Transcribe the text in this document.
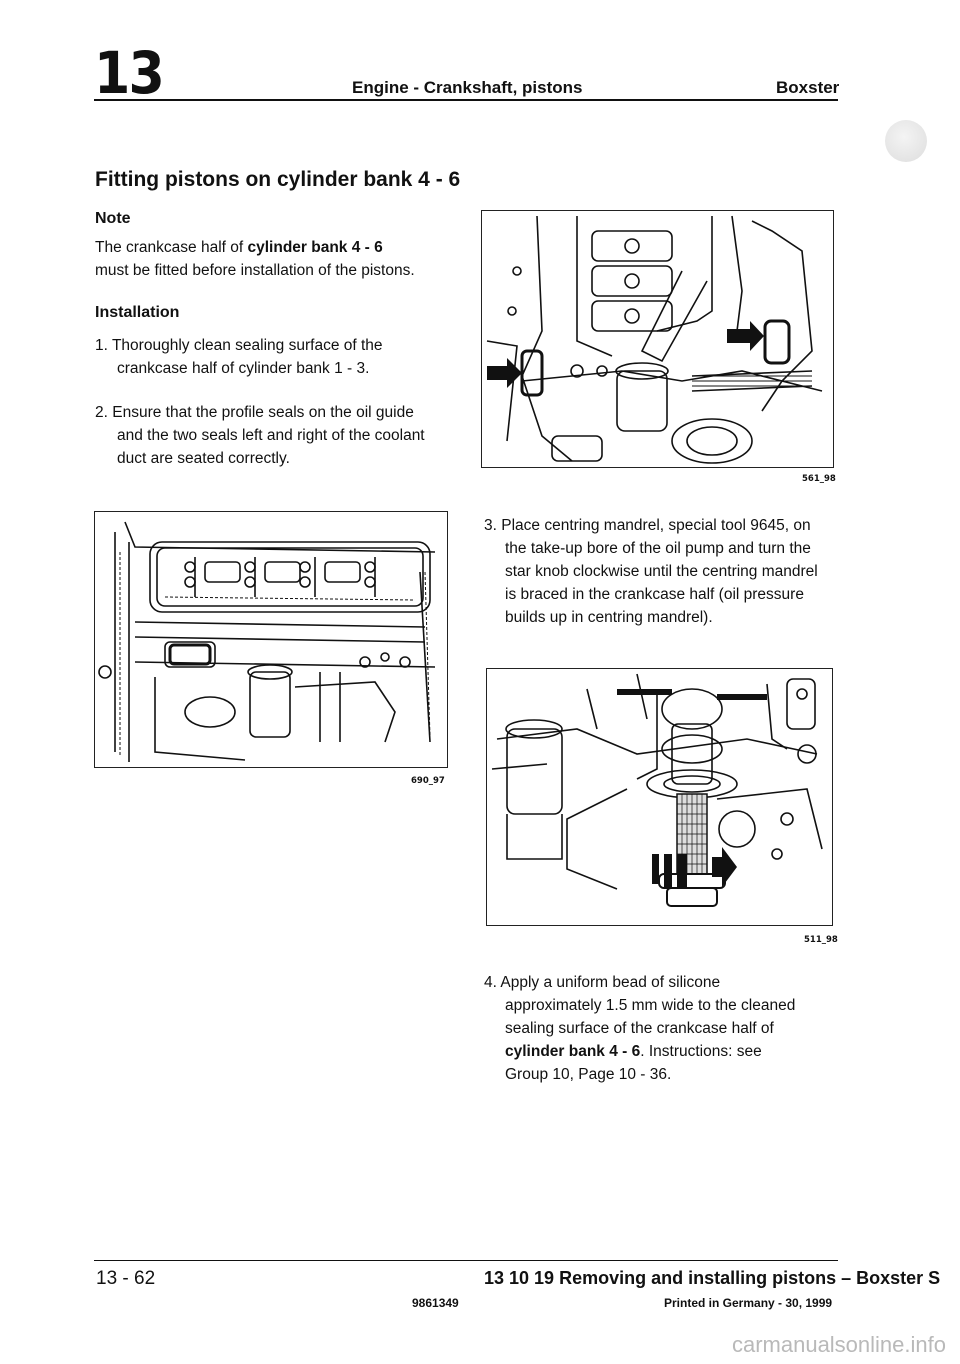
13	Engine - Crankshaft, pistons	Boxster
Fitting pistons on cylinder bank 4 - 6
Note
The crankcase half of cylinder bank 4 - 6
must be fitted before installation of the pistons.
Installation
1. Thoroughly clean sealing surface of the
crankcase half of cylinder bank 1 - 3.
2. Ensure that the profile seals on the oil guide
and the two seals left and right of the coolant
duct are seated correctly.
561_98
3. Place centring mandrel, special tool 9645, on
the take-up bore of the oil pump and turn the
star knob clockwise until the centring mandrel
is braced in the crankcase half (oil pressure
builds up in centring mandrel).
690_97
511_98
4. Apply a uniform bead of silicone
approximately 1.5 mm wide to the cleaned
sealing surface of the crankcase half of
cylinder bank 4 - 6. Instructions: see
Group 10, Page 10 - 36.
13 - 62	13 10 19 Removing and installing pistons – Boxster S
9861349	Printed in Germany - 30, 1999
carmanualsonline.info
